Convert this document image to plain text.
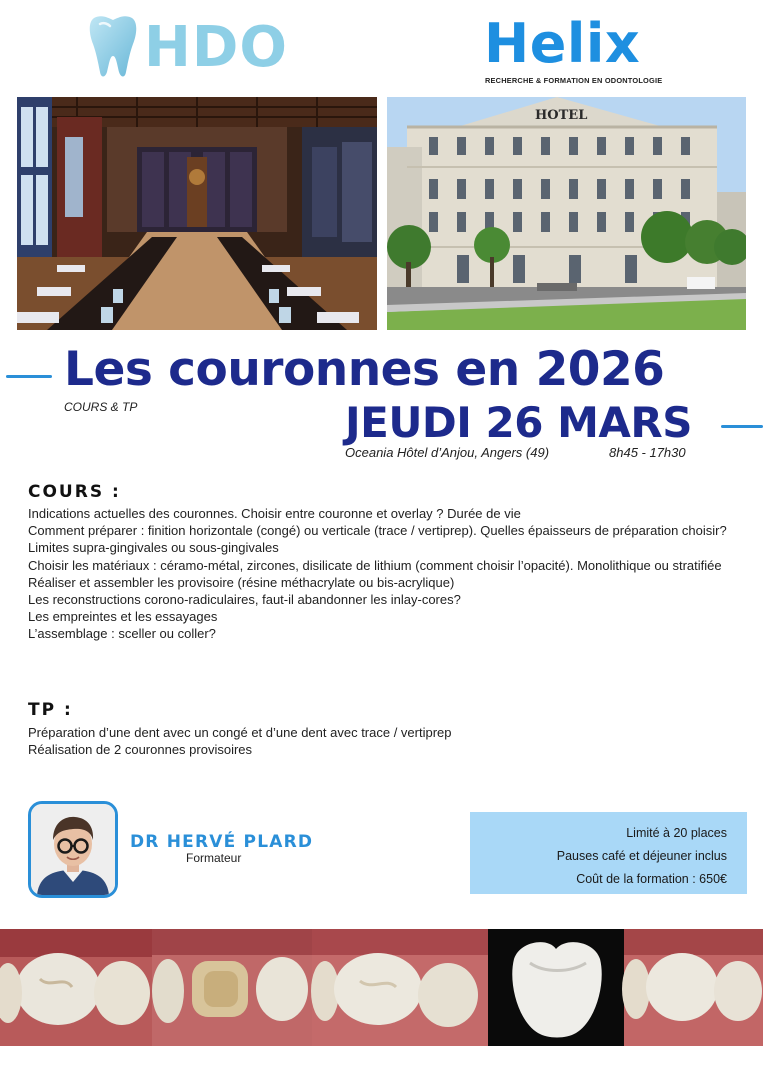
HDO	Helix
RECHERCHE & FORMATION EN ODONTOLOGIE
HOTEL
Les couronnes en 2026
COURS & TP	JEUDI 26 MARS
Oceania Hôtel d’Anjou, Angers (49)	8h45 - 17h30
COURS :
Indications actuelles des couronnes. Choisir entre couronne et overlay ? Durée de vie
Comment préparer : finition horizontale (congé) ou verticale (trace / vertiprep). Quelles épaisseurs de préparation choisir?
Limites supra-gingivales ou sous-gingivales
Choisir les matériaux : céramo-métal, zircones, disilicate de lithium (comment choisir l’opacité). Monolithique ou stratifiée
Réaliser et assembler les provisoire (résine méthacrylate ou bis-acrylique)
Les reconstructions corono-radiculaires, faut-il abandonner les inlay-cores?
Les empreintes et les essayages
L’assemblage : sceller ou coller?
TP :
Préparation d’une dent avec un congé et d’une dent avec trace / vertiprep
Réalisation de 2 couronnes provisoires
DR HERVÉ PLARD
Formateur
Limité à 20 places
Pauses café et déjeuner inclus
Coût de la formation : 650€
